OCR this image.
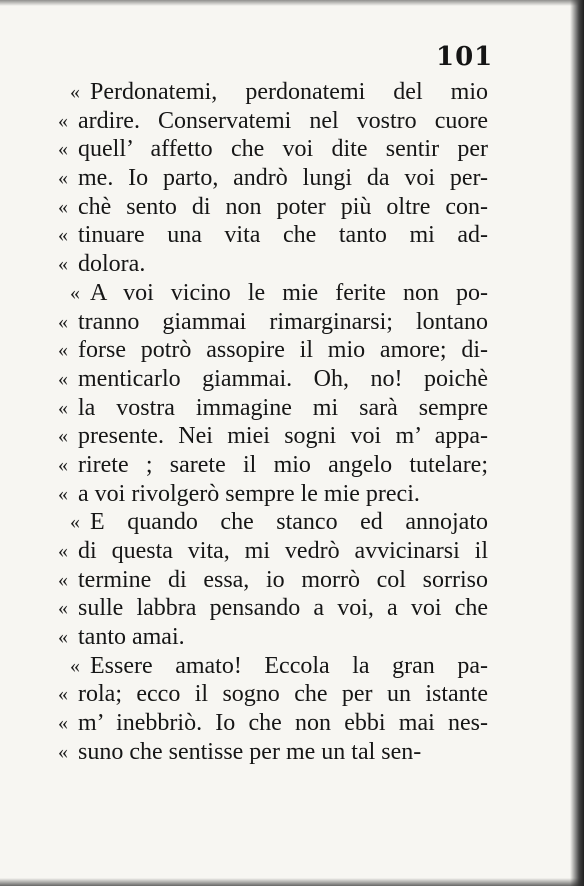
101
« Perdonatemi, perdonatemi del mio
« ardire. Conservatemi nel vostro cuore
« quell’ affetto che voi dite sentir per
« me. Io parto, andrò lungi da voi per-
« chè sento di non poter più oltre con-
« tinuare una vita che tanto mi ad-
« dolora.
« A voi vicino le mie ferite non po-
« tranno giammai rimarginarsi; lontano
« forse potrò assopire il mio amore; di-
« menticarlo giammai. Oh, no! poichè
« la vostra immagine mi sarà sempre
« presente. Nei miei sogni voi m’ appa-
« rirete ; sarete il mio angelo tutelare;
« a voi rivolgerò sempre le mie preci.
« E quando che stanco ed annojato
« di questa vita, mi vedrò avvicinarsi il
« termine di essa, io morrò col sorriso
« sulle labbra pensando a voi, a voi che
« tanto amai.
« Essere amato! Eccola la gran pa-
« rola; ecco il sogno che per un istante
« m’ inebbriò. Io che non ebbi mai nes-
« suno che sentisse per me un tal sen-
